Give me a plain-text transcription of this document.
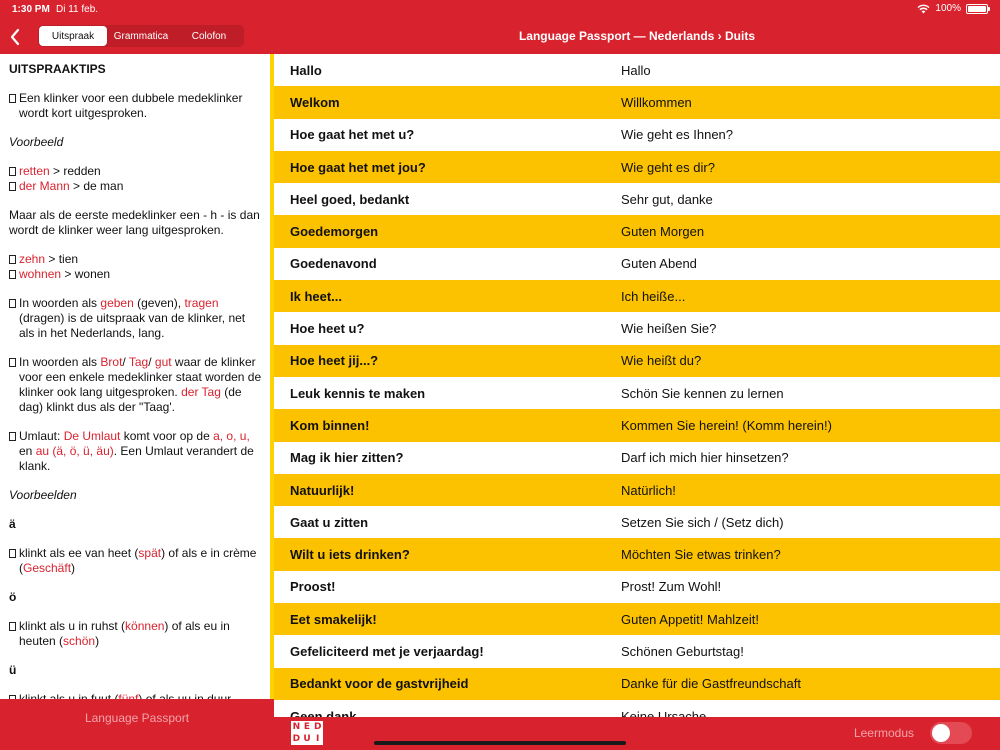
1:30 PM Di 11 feb.	100%
Uitspraak	Grammatica	Colofon
UITSPRAAKTIPS
Een klinker voor een dubbele medeklinker wordt kort uitgesproken.
Voorbeeld
retten > redden
der Mann > de man
Maar als de eerste medeklinker een - h - is dan wordt de klinker weer lang uitgesproken.
zehn > tien
wohnen > wonen
In woorden als geben (geven), tragen (dragen) is de uitspraak van de klinker, net als in het Nederlands, lang.
In woorden als Brot/ Tag/ gut waar de klinker voor een enkele medeklinker staat worden de klinker ook lang uitgesproken. der Tag (de dag) klinkt dus als der "Taag'.
Umlaut: De Umlaut komt voor op de a, o, u, en au (ä, ö, ü, äu). Een Umlaut verandert de klank.
Voorbeelden
ä
klinkt als ee van heet (spät) of als e in crème (Geschäft)
ö
klinkt als u in ruhst (können) of als eu in heuten (schön)
ü
Language Passport
Language Passport — Nederlands › Duits
Hallo	Hallo
Welkom	Willkommen
Hoe gaat het met u?	Wie geht es Ihnen?
Hoe gaat het met jou?	Wie geht es dir?
Heel goed, bedankt	Sehr gut, danke
Goedemorgen	Guten Morgen
Goedenavond	Guten Abend
Ik heet...	Ich heiße...
Hoe heet u?	Wie heißen Sie?
Hoe heet jij...?	Wie heißt du?
Leuk kennis te maken	Schön Sie kennen zu lernen
Kom binnen!	Kommen Sie herein! (Komm herein!)
Mag ik hier zitten?	Darf ich mich hier hinsetzen?
Natuurlijk!	Natürlich!
Gaat u zitten	Setzen Sie sich / (Setz dich)
Wilt u iets drinken?	Möchten Sie etwas trinken?
Proost!	Prost! Zum Wohl!
Eet smakelijk!	Guten Appetit! Mahlzeit!
Gefeliciteerd met je verjaardag!	Schönen Geburtstag!
Bedankt voor de gastvrijheid	Danke für die Gastfreundschaft
N E D
D U I	Leermodus
